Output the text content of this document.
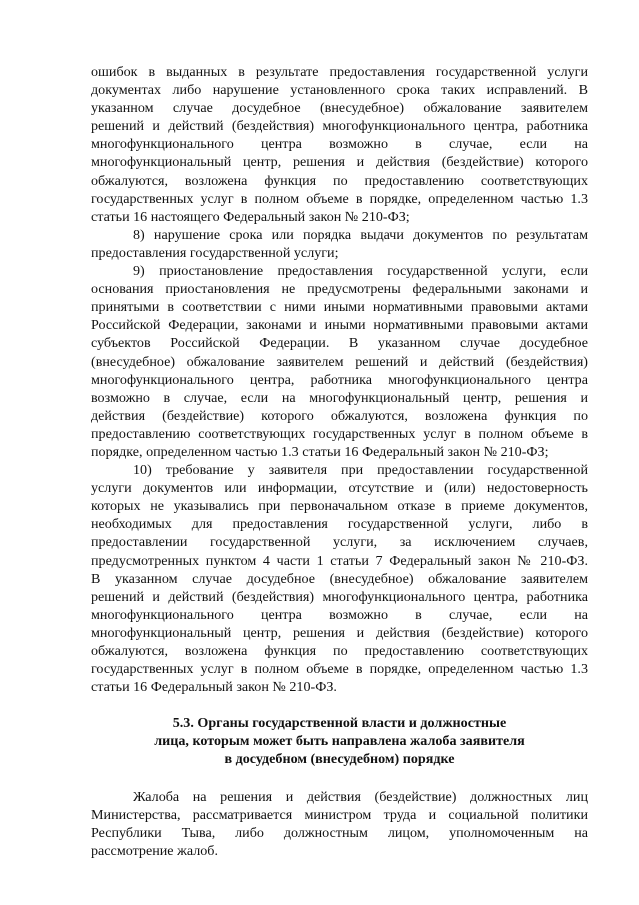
ошибок в выданных в результате предоставления государственной услуги
документах либо нарушение установленного срока таких исправлений. В
указанном случае досудебное (внесудебное) обжалование заявителем
решений и действий (бездействия) многофункционального центра, работника
многофункционального центра возможно в случае, если на
многофункциональный центр, решения и действия (бездействие) которого
обжалуются, возложена функция по предоставлению соответствующих
государственных услуг в полном объеме в порядке, определенном частью 1.3
статьи 16 настоящего Федеральный закон № 210-ФЗ;

8) нарушение срока или порядка выдачи документов по результатам
предоставления государственной услуги;

9) приостановление предоставления государственной услуги, если
основания приостановления не предусмотрены федеральными законами и
принятыми в соответствии с ними иными нормативными правовыми актами
Российской Федерации, законами и иными нормативными правовыми актами
субъектов Российской Федерации. В указанном случае досудебное
(внесудебное) обжалование заявителем решений и действий (бездействия)
многофункционального центра, работника многофункционального центра
возможно в случае, если на многофункциональный центр, решения и
действия (бездействие) которого обжалуются, возложена функция по
предоставлению соответствующих государственных услуг в полном объеме в
порядке, определенном частью 1.3 статьи 16 Федеральный закон № 210-ФЗ;

10) требование у заявителя при предоставлении государственной
услуги документов или информации, отсутствие и (или) недостоверность
которых не указывались при первоначальном отказе в приеме документов,
необходимых для предоставления государственной услуги, либо в
предоставлении государственной услуги, за исключением случаев,
предусмотренных пунктом 4 части 1 статьи 7 Федеральный закон № 210-ФЗ.
В указанном случае досудебное (внесудебное) обжалование заявителем
решений и действий (бездействия) многофункционального центра, работника
многофункционального центра возможно в случае, если на
многофункциональный центр, решения и действия (бездействие) которого
обжалуются, возложена функция по предоставлению соответствующих
государственных услуг в полном объеме в порядке, определенном частью 1.3
статьи 16 Федеральный закон № 210-ФЗ.

5.3. Органы государственной власти и должностные
лица, которым может быть направлена жалоба заявителя
в досудебном (внесудебном) порядке

Жалоба на решения и действия (бездействие) должностных лиц
Министерства, рассматривается министром труда и социальной политики
Республики Тыва, либо должностным лицом, уполномоченным на
рассмотрение жалоб.
